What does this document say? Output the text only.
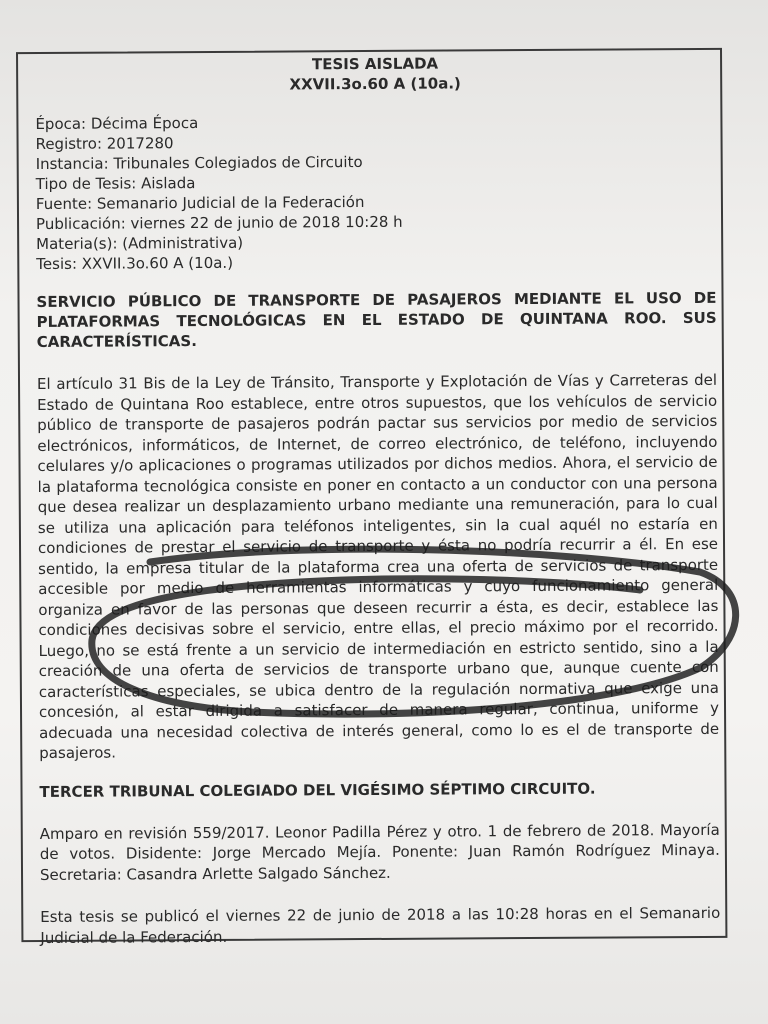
TESIS AISLADA
XXVII.3o.60 A (10a.)
Época: Décima Época
Registro: 2017280
Instancia: Tribunales Colegiados de Circuito
Tipo de Tesis: Aislada
Fuente: Semanario Judicial de la Federación
Publicación: viernes 22 de junio de 2018 10:28 h
Materia(s): (Administrativa)
Tesis: XXVII.3o.60 A (10a.)
SERVICIO PÚBLICO DE TRANSPORTE DE PASAJEROS MEDIANTE EL USO DE PLATAFORMAS TECNOLÓGICAS EN EL ESTADO DE QUINTANA ROO. SUS CARACTERÍSTICAS.
El artículo 31 Bis de la Ley de Tránsito, Transporte y Explotación de Vías y Carreteras del Estado de Quintana Roo establece, entre otros supuestos, que los vehículos de servicio público de transporte de pasajeros podrán pactar sus servicios por medio de servicios electrónicos, informáticos, de Internet, de correo electrónico, de teléfono, incluyendo celulares y/o aplicaciones o programas utilizados por dichos medios. Ahora, el servicio de la plataforma tecnológica consiste en poner en contacto a un conductor con una persona que desea realizar un desplazamiento urbano mediante una remuneración, para lo cual se utiliza una aplicación para teléfonos inteligentes, sin la cual aquél no estaría en condiciones de prestar el servicio de transporte y ésta no podría recurrir a él. En ese sentido, la empresa titular de la plataforma crea una oferta de servicios de transporte accesible por medio de herramientas informáticas y cuyo funcionamiento general organiza en favor de las personas que deseen recurrir a ésta, es decir, establece las condiciones decisivas sobre el servicio, entre ellas, el precio máximo por el recorrido. Luego, no se está frente a un servicio de intermediación en estricto sentido, sino a la creación de una oferta de servicios de transporte urbano que, aunque cuente con características especiales, se ubica dentro de la regulación normativa que exige una concesión, al estar dirigida a satisfacer de manera regular, continua, uniforme y adecuada una necesidad colectiva de interés general, como lo es el de transporte de pasajeros.
TERCER TRIBUNAL COLEGIADO DEL VIGÉSIMO SÉPTIMO CIRCUITO.
Amparo en revisión 559/2017. Leonor Padilla Pérez y otro. 1 de febrero de 2018. Mayoría de votos. Disidente: Jorge Mercado Mejía. Ponente: Juan Ramón Rodríguez Minaya. Secretaria: Casandra Arlette Salgado Sánchez.
Esta tesis se publicó el viernes 22 de junio de 2018 a las 10:28 horas en el Semanario Judicial de la Federación.
